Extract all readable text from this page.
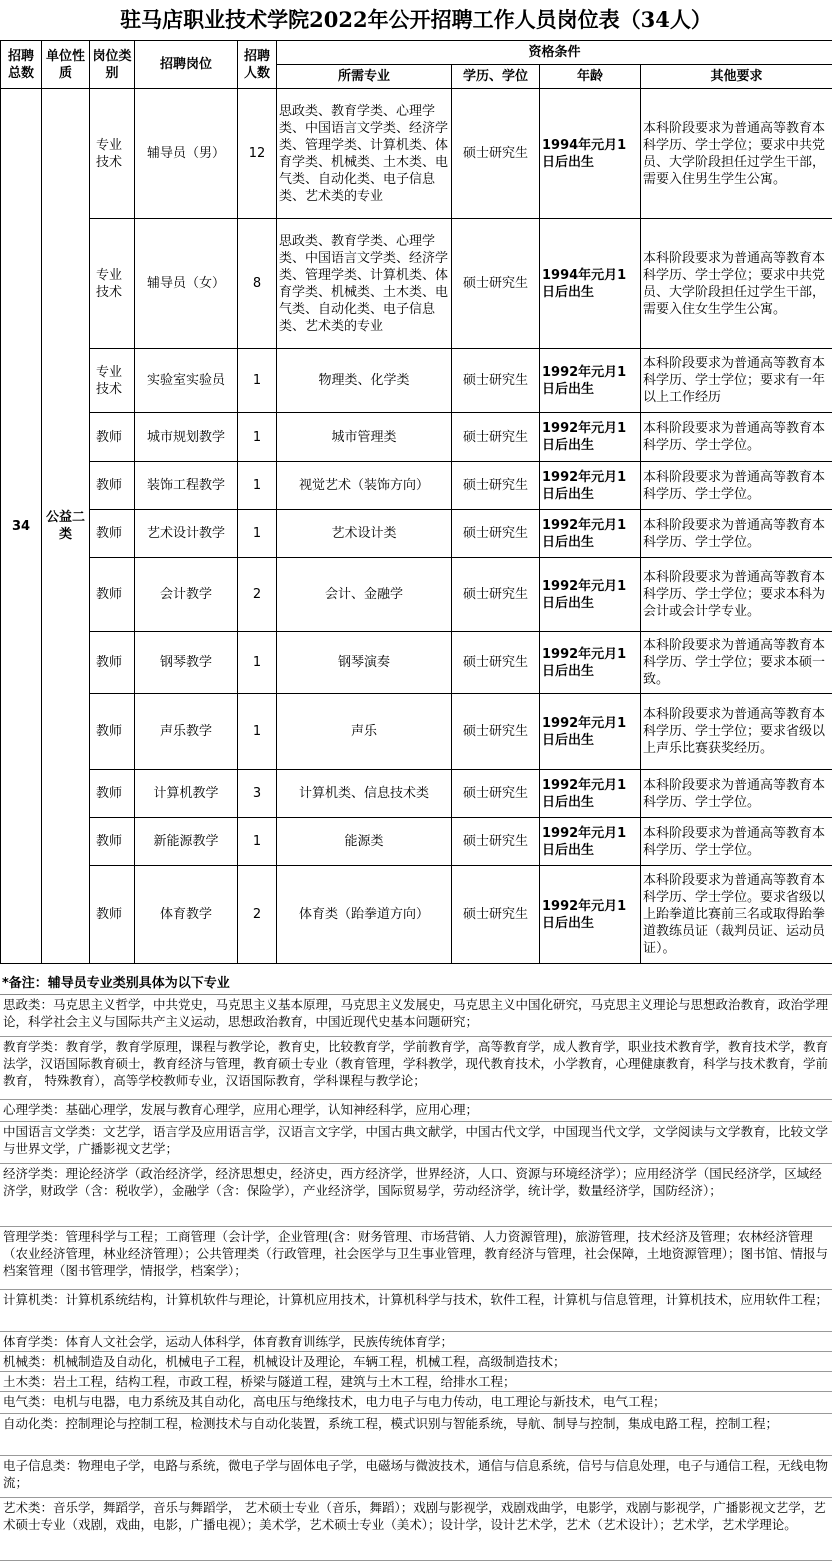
驻马店职业技术学院2022年公开招聘工作人员岗位表（34人）
招聘总数	单位性质	岗位类别	招聘岗位	招聘人数	资格条件			
					所需专业	学历、学位	年龄	其他要求
34	公益二类	专业技术	辅导员（男）	12	思政类、教育学类、心理学类、中国语言文学类、经济学类、管理学类、计算机类、体育学类、机械类、土木类、电气类、自动化类、电子信息类、艺术类的专业	硕士研究生	1994年元月1日后出生	本科阶段要求为普通高等教育本科学历、学士学位；要求中共党员、大学阶段担任过学生干部，需要入住男生学生公寓。
		专业技术	辅导员（女）	8	思政类、教育学类、心理学类、中国语言文学类、经济学类、管理学类、计算机类、体育学类、机械类、土木类、电气类、自动化类、电子信息类、艺术类的专业	硕士研究生	1994年元月1日后出生	本科阶段要求为普通高等教育本科学历、学士学位；要求中共党员、大学阶段担任过学生干部，需要入住女生学生公寓。
		专业技术	实验室实验员	1	物理类、化学类	硕士研究生	1992年元月1日后出生	本科阶段要求为普通高等教育本科学历、学士学位；要求有一年以上工作经历
		教师	城市规划教学	1	城市管理类	硕士研究生	1992年元月1日后出生	本科阶段要求为普通高等教育本科学历、学士学位。
		教师	装饰工程教学	1	视觉艺术（装饰方向）	硕士研究生	1992年元月1日后出生	本科阶段要求为普通高等教育本科学历、学士学位。
		教师	艺术设计教学	1	艺术设计类	硕士研究生	1992年元月1日后出生	本科阶段要求为普通高等教育本科学历、学士学位。
		教师	会计教学	2	会计、金融学	硕士研究生	1992年元月1日后出生	本科阶段要求为普通高等教育本科学历、学士学位；要求本科为会计或会计学专业。
		教师	钢琴教学	1	钢琴演奏	硕士研究生	1992年元月1日后出生	本科阶段要求为普通高等教育本科学历、学士学位；要求本硕一致。
		教师	声乐教学	1	声乐	硕士研究生	1992年元月1日后出生	本科阶段要求为普通高等教育本科学历、学士学位；要求省级以上声乐比赛获奖经历。
		教师	计算机教学	3	计算机类、信息技术类	硕士研究生	1992年元月1日后出生	本科阶段要求为普通高等教育本科学历、学士学位。
		教师	新能源教学	1	能源类	硕士研究生	1992年元月1日后出生	本科阶段要求为普通高等教育本科学历、学士学位。
		教师	体育教学	2	体育类（跆拳道方向）	硕士研究生	1992年元月1日后出生	本科阶段要求为普通高等教育本科学历、学士学位。要求省级以上跆拳道比赛前三名或取得跆拳道教练员证（裁判员证、运动员证）。
*备注：辅导员专业类别具体为以下专业
思政类：马克思主义哲学，中共党史，马克思主义基本原理，马克思主义发展史，马克思主义中国化研究，马克思主义理论与思想政治教育，政治学理论，科学社会主义与国际共产主义运动，思想政治教育，中国近现代史基本问题研究；
教育学类：教育学，教育学原理，课程与教学论，教育史，比较教育学，学前教育学，高等教育学，成人教育学，职业技术教育学，教育技术学，教育法学，汉语国际教育硕士，教育经济与管理，教育硕士专业（教育管理，学科教学，现代教育技术，小学教育，心理健康教育，科学与技术教育，学前教育， 特殊教育），高等学校教师专业，汉语国际教育，学科课程与教学论；
心理学类：基础心理学，发展与教育心理学，应用心理学，认知神经科学，应用心理；
中国语言文学类：文艺学，语言学及应用语言学，汉语言文字学，中国古典文献学，中国古代文学，中国现当代文学，文学阅读与文学教育，比较文学与世界文学，广播影视文艺学；
经济学类：理论经济学（政治经济学，经济思想史，经济史，西方经济学，世界经济，人口、资源与环境经济学）；应用经济学（国民经济学，区域经济学，财政学（含：税收学），金融学（含：保险学），产业经济学，国际贸易学，劳动经济学，统计学，数量经济学，国防经济）；
管理学类：管理科学与工程；工商管理（会计学，企业管理(含：财务管理、市场营销、人力资源管理)，旅游管理，技术经济及管理；农林经济管理（农业经济管理，林业经济管理）；公共管理类（行政管理，社会医学与卫生事业管理，教育经济与管理，社会保障，土地资源管理）；图书馆、情报与档案管理（图书管理学，情报学，档案学）；
计算机类：计算机系统结构，计算机软件与理论，计算机应用技术，计算机科学与技术，软件工程，计算机与信息管理，计算机技术，应用软件工程；
体育学类：体育人文社会学，运动人体科学，体育教育训练学，民族传统体育学；
机械类：机械制造及自动化，机械电子工程，机械设计及理论，车辆工程，机械工程，高级制造技术；
土木类：岩土工程，结构工程，市政工程，桥梁与隧道工程，建筑与土木工程，给排水工程；
电气类：电机与电器，电力系统及其自动化，高电压与绝缘技术，电力电子与电力传动，电工理论与新技术，电气工程；
自动化类：控制理论与控制工程，检测技术与自动化装置，系统工程，模式识别与智能系统，导航、制导与控制，集成电路工程，控制工程；
电子信息类：物理电子学，电路与系统，微电子学与固体电子学，电磁场与微波技术，通信与信息系统，信号与信息处理，电子与通信工程，无线电物流；
艺术类：音乐学，舞蹈学，音乐与舞蹈学， 艺术硕士专业（音乐，舞蹈）；戏剧与影视学，戏剧戏曲学，电影学，戏剧与影视学，广播影视文艺学，艺术硕士专业（戏剧，戏曲，电影，广播电视）；美术学，艺术硕士专业（美术）；设计学，设计艺术学，艺术（艺术设计）；艺术学，艺术学理论。
